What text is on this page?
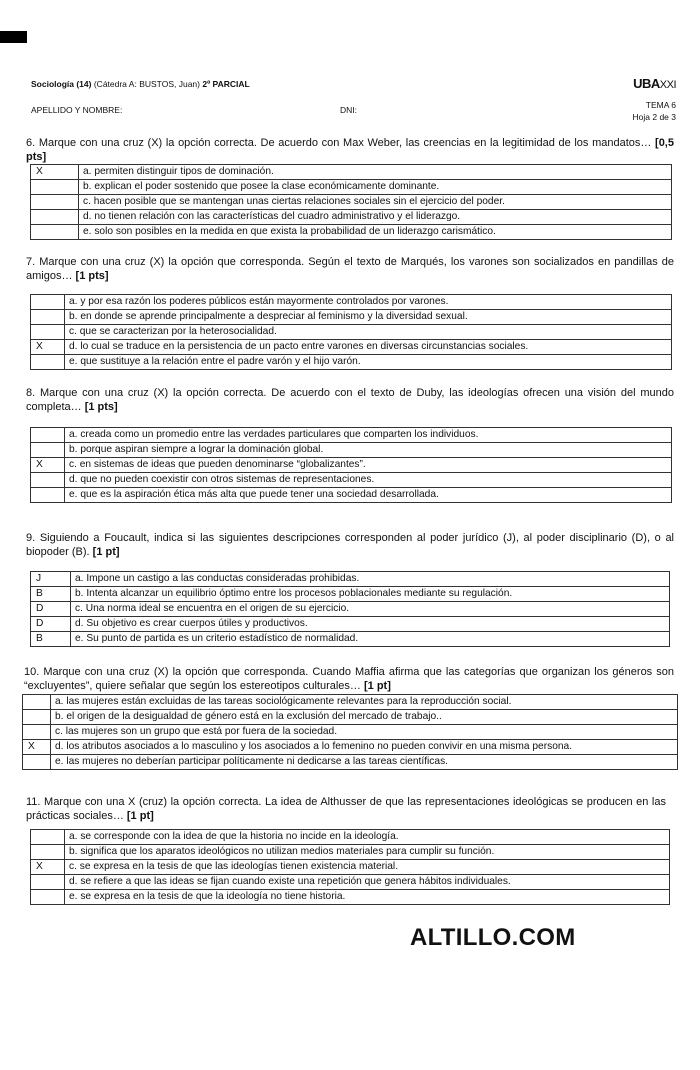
Sociología (14) (Cátedra A: BUSTOS, Juan) 2º PARCIAL	UBAXXI
APELLIDO Y NOMBRE:	DNI:	TEMA 6
Hoja 2 de 3
6. Marque con una cruz (X) la opción correcta. De acuerdo con Max Weber, las creencias en la legitimidad de los mandatos… [0,5 pts]
X	a. permiten distinguir tipos de dominación.
	b. explican el poder sostenido que posee la clase económicamente dominante.
	c. hacen posible que se mantengan unas ciertas relaciones sociales sin el ejercicio del poder.
	d. no tienen relación con las características del cuadro administrativo y el liderazgo.
	e. solo son posibles en la medida en que exista la probabilidad de un liderazgo carismático.
7. Marque con una cruz (X) la opción que corresponda. Según el texto de Marqués, los varones son socializados en pandillas de amigos… [1 pts]
	a. y por esa razón los poderes públicos están mayormente controlados por varones.
	b. en donde se aprende principalmente a despreciar al feminismo y la diversidad sexual.
	c. que se caracterizan por la heterosocialidad.
X	d. lo cual se traduce en la persistencia de un pacto entre varones en diversas circunstancias sociales.
	e. que sustituye a la relación entre el padre varón y el hijo varón.
8. Marque con una cruz (X) la opción correcta. De acuerdo con el texto de Duby, las ideologías ofrecen una visión del mundo completa… [1 pts]
	a. creada como un promedio entre las verdades particulares que comparten los individuos.
	b. porque aspiran siempre a lograr la dominación global.
X	c. en sistemas de ideas que pueden denominarse “globalizantes”.
	d. que no pueden coexistir con otros sistemas de representaciones.
	e. que es la aspiración ética más alta que puede tener una sociedad desarrollada.
9. Siguiendo a Foucault, indica si las siguientes descripciones corresponden al poder jurídico (J), al poder disciplinario (D), o al biopoder (B). [1 pt]
J	a. Impone un castigo a las conductas consideradas prohibidas.
B	b. Intenta alcanzar un equilibrio óptimo entre los procesos poblacionales mediante su regulación.
D	c. Una norma ideal se encuentra en el origen de su ejercicio.
D	d. Su objetivo es crear cuerpos útiles y productivos.
B	e. Su punto de partida es un criterio estadístico de normalidad.
10. Marque con una cruz (X) la opción que corresponda. Cuando Maffia afirma que las categorías que organizan los géneros son “excluyentes”, quiere señalar que según los estereotipos culturales… [1 pt]
	a. las mujeres están excluidas de las tareas sociológicamente relevantes para la reproducción social.
	b. el origen de la desigualdad de género está en la exclusión del mercado de trabajo..
	c. las mujeres son un grupo que está por fuera de la sociedad.
X	d. los atributos asociados a lo masculino y los asociados a lo femenino no pueden convivir en una misma persona.
	e. las mujeres no deberían participar políticamente ni dedicarse a las tareas científicas.
11. Marque con una X (cruz) la opción correcta. La idea de Althusser de que las representaciones ideológicas se producen en las prácticas sociales… [1 pt]
	a. se corresponde con la idea de que la historia no incide en la ideología.
	b. significa que los aparatos ideológicos no utilizan medios materiales para cumplir su función.
X	c. se expresa en la tesis de que las ideologías tienen existencia material.
	d. se refiere a que las ideas se fijan cuando existe una repetición que genera hábitos individuales.
	e. se expresa en la tesis de que la ideología no tiene historia.
ALTILLO.COM
